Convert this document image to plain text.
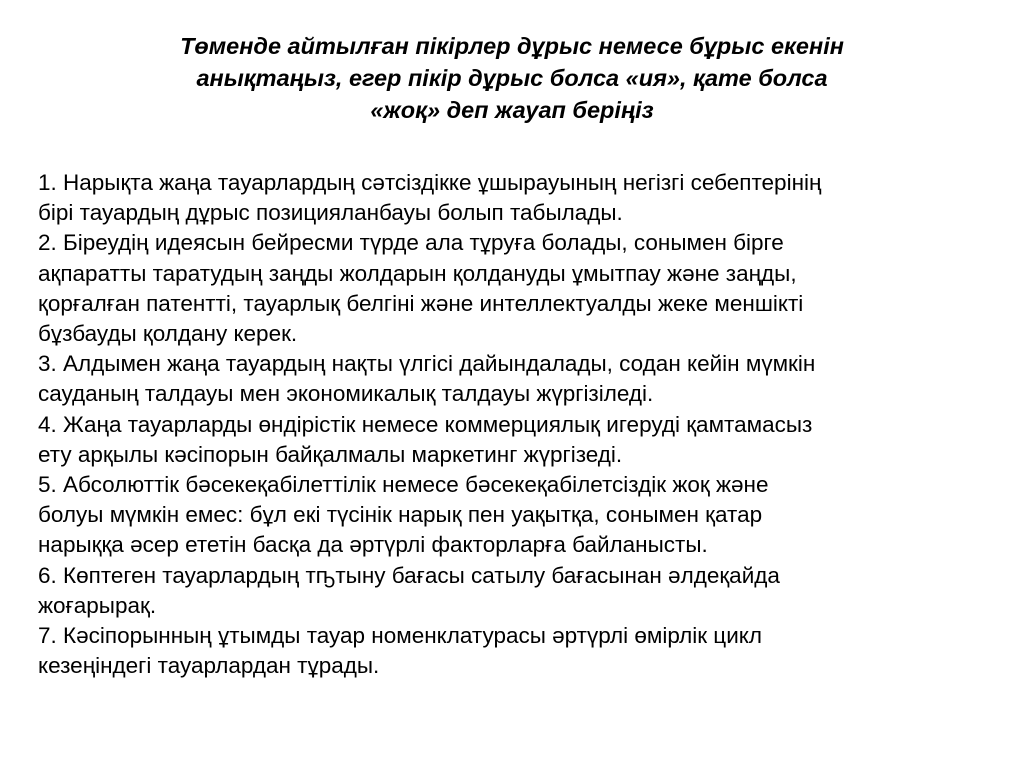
Төменде айтылған пікірлер дұрыс немесе бұрыс екенін
анықтаңыз, егер пікір дұрыс болса «ия», қате болса
«жоқ» деп жауап беріңіз
1. Нарықта жаңа тауарлардың сәтсіздікке ұшырауының негізгі себептерінің
бірі тауардың дұрыс позицияланбауы болып табылады.
2. Біреудің идеясын бейресми түрде ала тұруға болады, сонымен бірге
ақпаратты таратудың заңды жолдарын қолдануды ұмытпау және заңды,
қорғалған патентті, тауарлық белгіні және интеллектуалды жеке меншікті
бұзбауды қолдану керек.
3. Алдымен жаңа тауардың нақты үлгісі дайындалады, содан кейін мүмкін
сауданың талдауы мен экономикалық талдауы жүргізіледі.
4. Жаңа тауарларды өндірістік немесе коммерциялық игеруді қамтамасыз
ету арқылы кәсіпорын байқалмалы маркетинг жүргізеді.
5. Абсолюттік бәсекеқабілеттілік немесе бәсекеқабілетсіздік жоқ және
болуы мүмкін емес: бұл екі түсінік нарық пен уақытқа, сонымен қатар
нарыққа әсер ететін басқа да әртүрлі факторларға байланысты.
6. Көптеген тауарлардың тҧтыну бағасы сатылу бағасынан әлдеқайда
жоғарырақ.
7. Кәсіпорынның ұтымды тауар номенклатурасы әртүрлі өмірлік цикл
кезеңіндегі тауарлардан тұрады.
